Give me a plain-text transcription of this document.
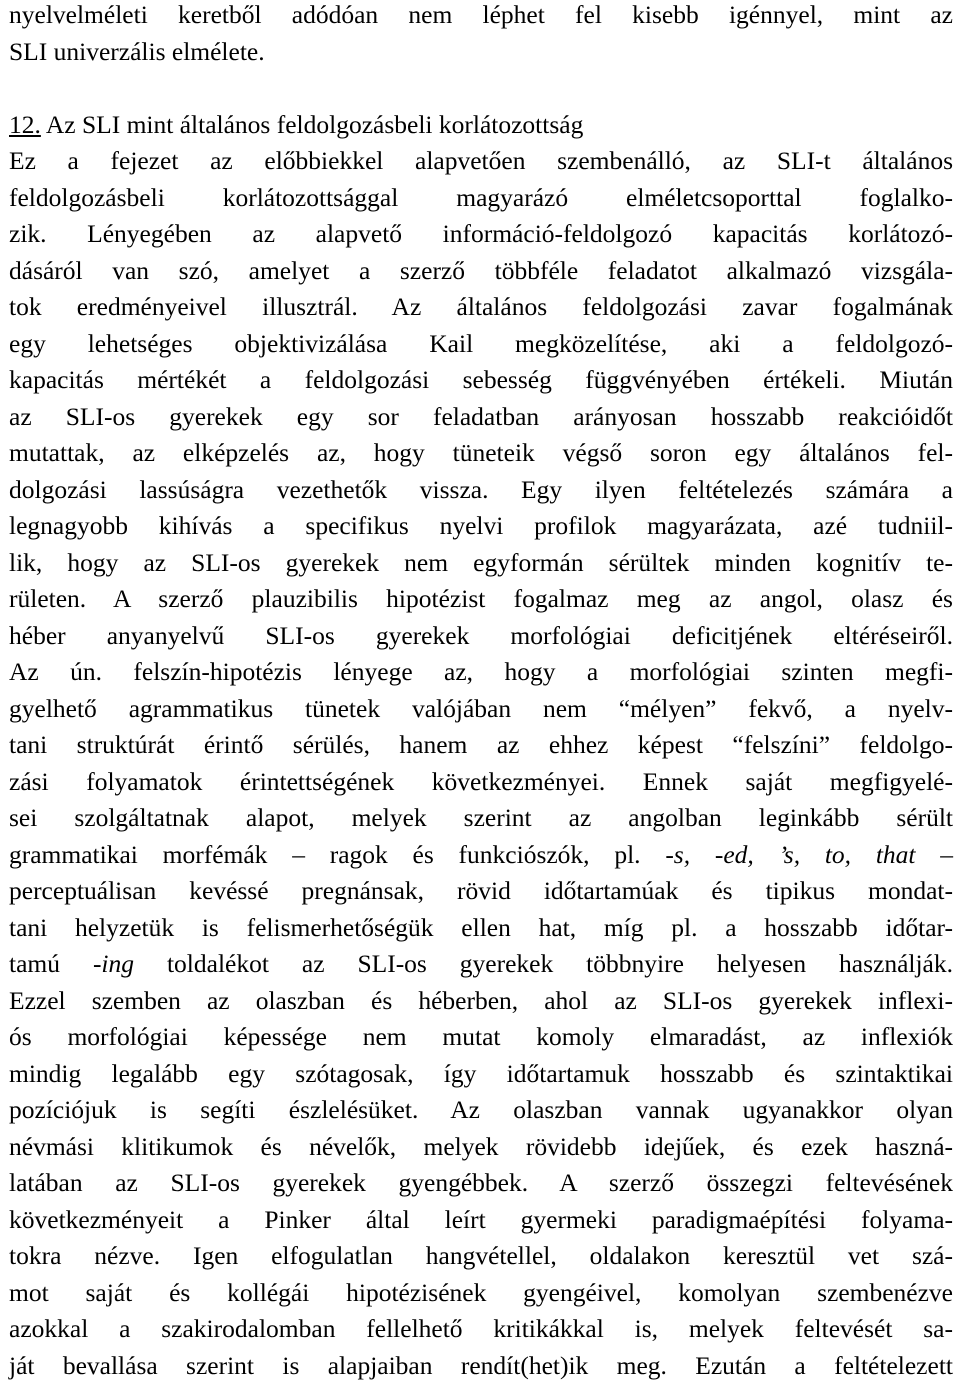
nyelvelméleti keretből adódóan nem léphet fel kisebb igénnyel, mint az
SLI univerzális elmélete.
12. Az SLI mint általános feldolgozásbeli korlátozottság
Ez a fejezet az előbbiekkel alapvetően szembenálló, az SLI-t általános
feldolgozásbeli korlátozottsággal magyarázó elméletcsoporttal foglalko-
zik. Lényegében az alapvető információ-feldolgozó kapacitás korlátozó-
dásáról van szó, amelyet a szerző többféle feladatot alkalmazó vizsgála-
tok eredményeivel illusztrál. Az általános feldolgozási zavar fogalmának
egy lehetséges objektivizálása Kail megközelítése, aki a feldolgozó-
kapacitás mértékét a feldolgozási sebesség függvényében értékeli. Miután
az SLI-os gyerekek egy sor feladatban arányosan hosszabb reakcióidőt
mutattak, az elképzelés az, hogy tüneteik végső soron egy általános fel-
dolgozási lassúságra vezethetők vissza. Egy ilyen feltételezés számára a
legnagyobb kihívás a specifikus nyelvi profilok magyarázata, azé tudniil-
lik, hogy az SLI-os gyerekek nem egyformán sérültek minden kognitív te-
rületen. A szerző plauzibilis hipotézist fogalmaz meg az angol, olasz és
héber anyanyelvű SLI-os gyerekek morfológiai deficitjének eltéréseiről.
Az ún. felszín-hipotézis lényege az, hogy a morfológiai szinten megfi-
gyelhető agrammatikus tünetek valójában nem “mélyen” fekvő, a nyelv-
tani struktúrát érintő sérülés, hanem az ehhez képest “felszíni” feldolgo-
zási folyamatok érintettségének következményei. Ennek saját megfigyelé-
sei szolgáltatnak alapot, melyek szerint az angolban leginkább sérült
grammatikai morfémák – ragok és funkciószók, pl. -s, -ed, ’s, to, that –
perceptuálisan kevéssé pregnánsak, rövid időtartamúak és tipikus mondat-
tani helyzetük is felismerhetőségük ellen hat, míg pl. a hosszabb időtar-
tamú -ing toldalékot az SLI-os gyerekek többnyire helyesen használják.
Ezzel szemben az olaszban és héberben, ahol az SLI-os gyerekek inflexi-
ós morfológiai képessége nem mutat komoly elmaradást, az inflexiók
mindig legalább egy szótagosak, így időtartamuk hosszabb és szintaktikai
pozíciójuk is segíti észlelésüket. Az olaszban vannak ugyanakkor olyan
névmási klitikumok és névelők, melyek rövidebb idejűek, és ezek haszná-
latában az SLI-os gyerekek gyengébbek. A szerző összegzi feltevésének
következményeit a Pinker által leírt gyermeki paradigmaépítési folyama-
tokra nézve. Igen elfogulatlan hangvétellel, oldalakon keresztül vet szá-
mot saját és kollégái hipotézisének gyengéivel, komolyan szembenézve
azokkal a szakirodalomban fellelhető kritikákkal is, melyek feltevését sa-
ját bevallása szerint is alapjaiban rendít(het)ik meg. Ezután a feltételezett
